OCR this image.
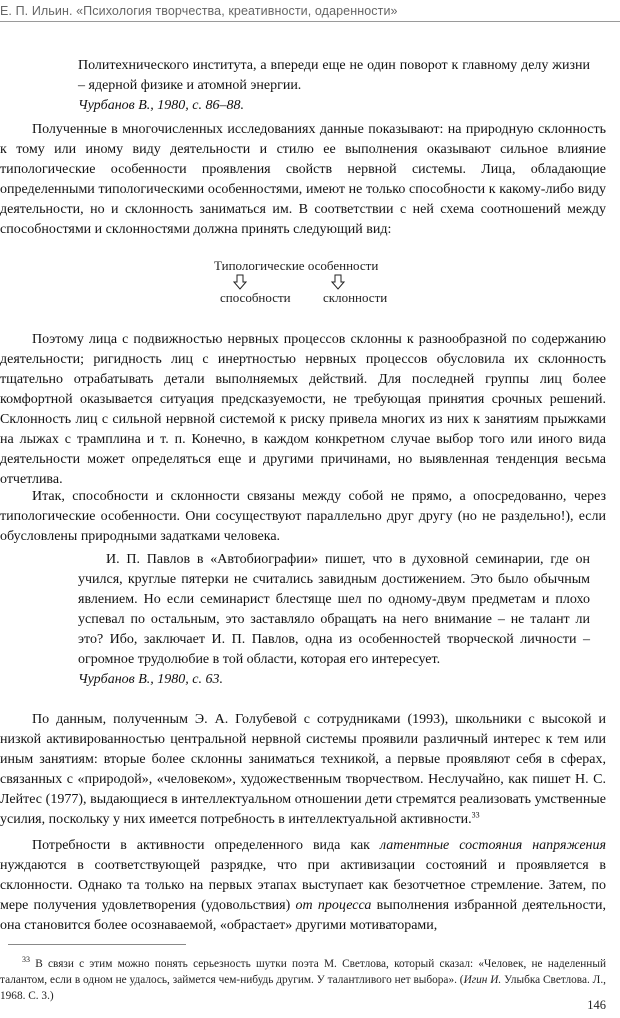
Е. П. Ильин. «Психология творчества, креативности, одаренности»

Политехнического института, а впереди еще не один поворот к главному делу жизни – ядерной физике и атомной энергии.

Чурбанов В., 1980, с. 86–88.

Полученные в многочисленных исследованиях данные показывают: на природную склонность к тому или иному виду деятельности и стилю ее выполнения оказывают сильное влияние типологические особенности проявления свойств нервной системы. Лица, обладающие определенными типологическими особенностями, имеют не только способности к какому-либо виду деятельности, но и склонность заниматься им. В соответствии с ней схема соотношений между способностями и склонностями должна принять следующий вид:

Типологические особенности
способности склонности

Поэтому лица с подвижностью нервных процессов склонны к разнообразной по содержанию деятельности; ригидность лиц с инертностью нервных процессов обусловила их склонность тщательно отрабатывать детали выполняемых действий. Для последней группы лиц более комфортной оказывается ситуация предсказуемости, не требующая принятия срочных решений. Склонность лиц с сильной нервной системой к риску привела многих из них к занятиям прыжками на лыжах с трамплина и т. п. Конечно, в каждом конкретном случае выбор того или иного вида деятельности может определяться еще и другими причинами, но выявленная тенденция весьма отчетлива.

Итак, способности и склонности связаны между собой не прямо, а опосредованно, через типологические особенности. Они сосуществуют параллельно друг другу (но не раздельно!), если обусловлены природными задатками человека.

И. П. Павлов в «Автобиографии» пишет, что в духовной семинарии, где он учился, круглые пятерки не считались завидным достижением. Это было обычным явлением. Но если семинарист блестяще шел по одному-двум предметам и плохо успевал по остальным, это заставляло обращать на него внимание – не талант ли это? Ибо, заключает И. П. Павлов, одна из особенностей творческой личности – огромное трудолюбие в той области, которая его интересует.

Чурбанов В., 1980, с. 63.

По данным, полученным Э. А. Голубевой с сотрудниками (1993), школьники с высокой и низкой активированностью центральной нервной системы проявили различный интерес к тем или иным занятиям: вторые более склонны заниматься техникой, а первые проявляют себя в сферах, связанных с «природой», «человеком», художественным творчеством. Неслучайно, как пишет Н. С. Лейтес (1977), выдающиеся в интеллектуальном отношении дети стремятся реализовать умственные усилия, поскольку у них имеется потребность в интеллектуальной активности.$^{33}$

Потребности в активности определенного вида как латентные состояния напряжения нуждаются в соответствующей разрядке, что при активизации состояний и проявляется в склонности. Однако та только на первых этапах выступает как безотчетное стремление. Затем, по мере получения удовлетворения (удовольствия) от процесса выполнения избранной деятельности, она становится более осознаваемой, «обрастает» другими мотиваторами,

$^{33}$ В связи с этим можно понять серьезность шутки поэта М. Светлова, который сказал: «Человек, не наделенный талантом, если в одном не удалось, займется чем-нибудь другим. У талантливого нет выбора». (Игин И. Улыбка Светлова. Л., 1968. С. 3.)

146
